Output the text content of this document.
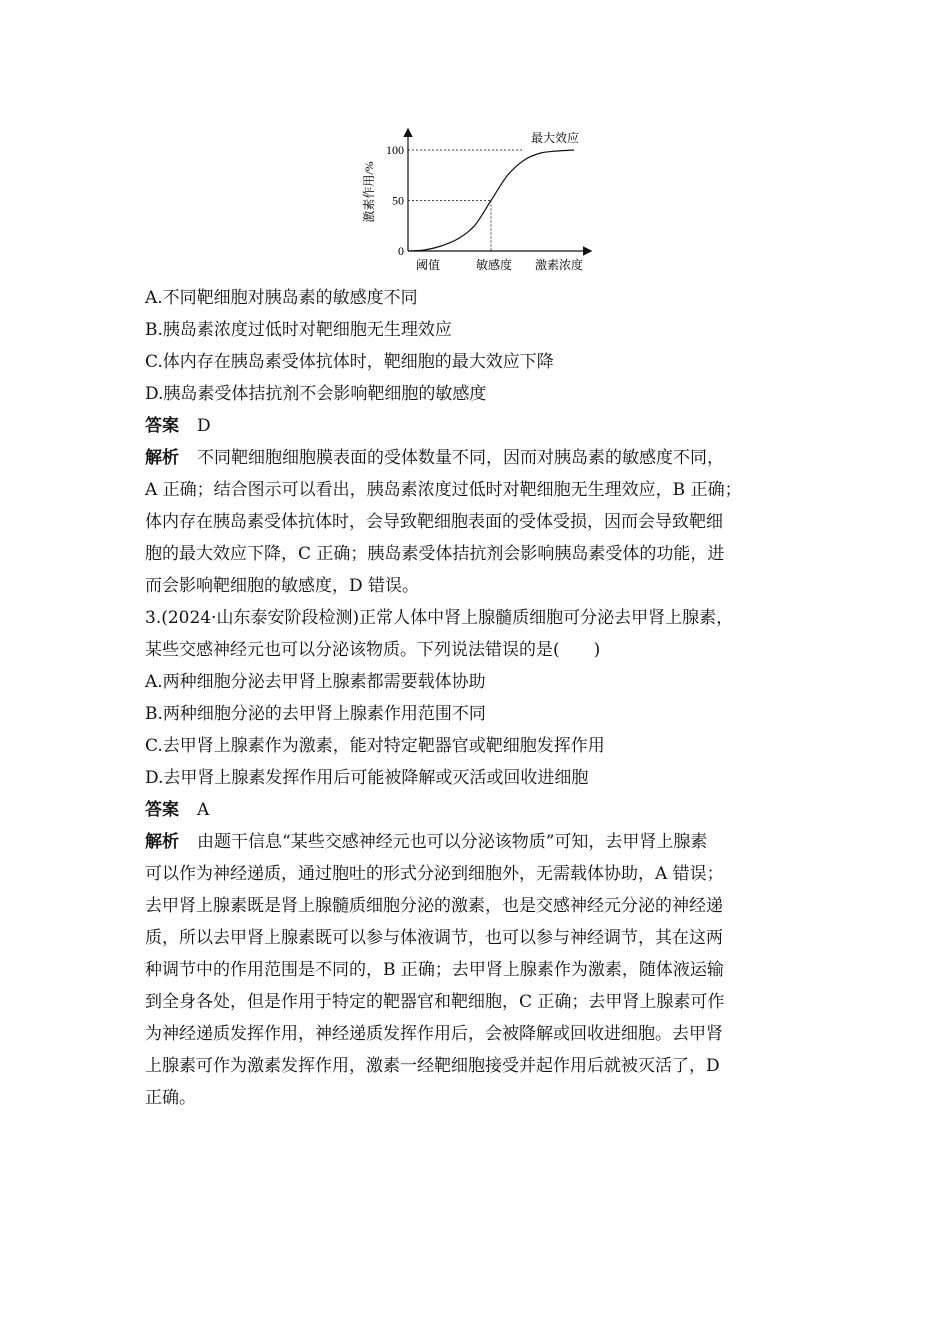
0
50
100
激素作用/%
阈值	敏感度 激素浓度
最大效应
A.不同靶细胞对胰岛素的敏感度不同
B.胰岛素浓度过低时对靶细胞无生理效应
C.体内存在胰岛素受体抗体时，靶细胞的最大效应下降
D.胰岛素受体拮抗剂不会影响靶细胞的敏感度
答案 D
解析 不同靶细胞细胞膜表面的受体数量不同，因而对胰岛素的敏感度不同，
A 正确；结合图示可以看出，胰岛素浓度过低时对靶细胞无生理效应，B 正确；
体内存在胰岛素受体抗体时，会导致靶细胞表面的受体受损，因而会导致靶细
胞的最大效应下降，C 正确；胰岛素受体拮抗剂会影响胰岛素受体的功能，进
而会影响靶细胞的敏感度，D 错误。
3.(2024·山东泰安阶段检测)正常人体中肾上腺髓质细胞可分泌去甲肾上腺素，
某些交感神经元也可以分泌该物质。下列说法错误的是(　　)
A.两种细胞分泌去甲肾上腺素都需要载体协助
B.两种细胞分泌的去甲肾上腺素作用范围不同
C.去甲肾上腺素作为激素，能对特定靶器官或靶细胞发挥作用
D.去甲肾上腺素发挥作用后可能被降解或灭活或回收进细胞
答案 A
解析 由题干信息“某些交感神经元也可以分泌该物质”可知，去甲肾上腺素
可以作为神经递质，通过胞吐的形式分泌到细胞外，无需载体协助，A 错误；
去甲肾上腺素既是肾上腺髓质细胞分泌的激素，也是交感神经元分泌的神经递
质，所以去甲肾上腺素既可以参与体液调节，也可以参与神经调节，其在这两
种调节中的作用范围是不同的，B 正确；去甲肾上腺素作为激素，随体液运输
到全身各处，但是作用于特定的靶器官和靶细胞，C 正确；去甲肾上腺素可作
为神经递质发挥作用，神经递质发挥作用后，会被降解或回收进细胞。去甲肾
上腺素可作为激素发挥作用，激素一经靶细胞接受并起作用后就被灭活了，D
正确。
